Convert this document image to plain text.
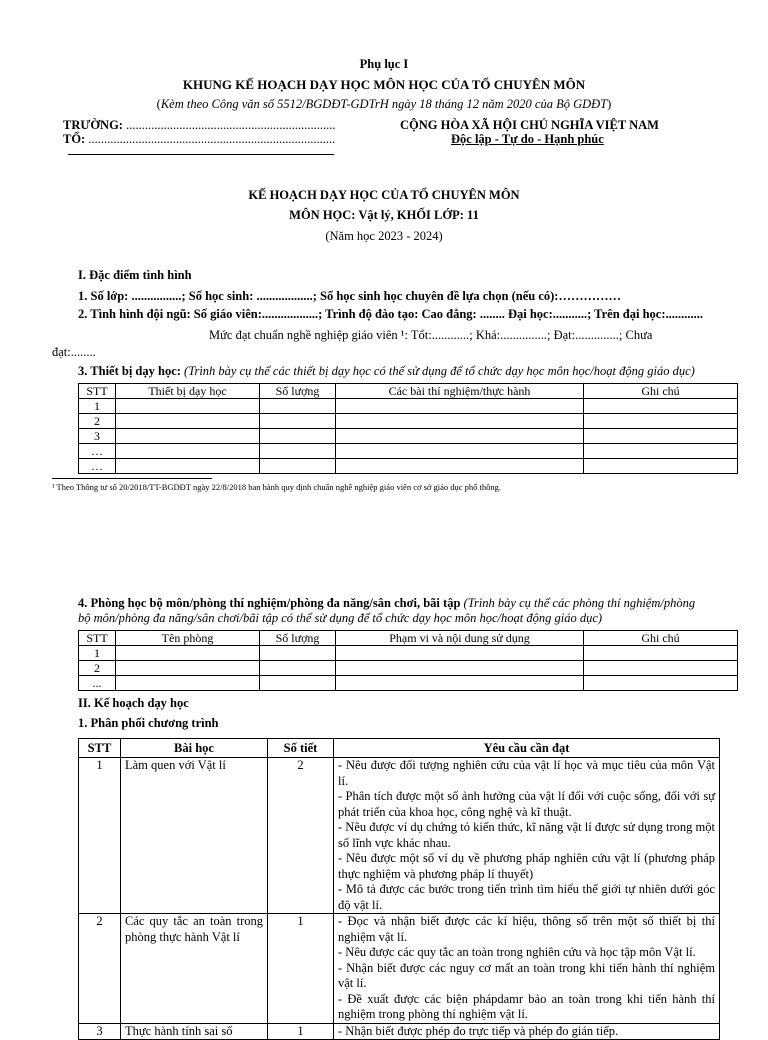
Phụ lục I
KHUNG KẾ HOẠCH DẠY HỌC MÔN HỌC CỦA TỔ CHUYÊN MÔN
(Kèm theo Công văn số 5512/BGDĐT-GDTrH ngày 18 tháng 12 năm 2020 của Bộ GDĐT)
TRƯỜNG: ...................................................................
TỔ: ...............................................................................
CỘNG HÒA XÃ HỘI CHỦ NGHĨA VIỆT NAM
Độc lập - Tự do - Hạnh phúc
KẾ HOẠCH DẠY HỌC CỦA TỔ CHUYÊN MÔN
MÔN HỌC: Vật lý, KHỐI LỚP: 11
(Năm học 2023 - 2024)
I. Đặc điểm tình hình
1. Số lớp: ................; Số học sinh: ..................; Số học sinh học chuyên đề lựa chọn (nếu có):……………
2. Tình hình đội ngũ: Số giáo viên:..................; Trình độ đào tạo: Cao đẳng: ........ Đại học:...........; Trên đại học:............
Mức đạt chuẩn nghề nghiệp giáo viên ¹: Tốt:............; Khá:...............; Đạt:..............; Chưa
đạt:........
3. Thiết bị dạy học: (Trình bày cụ thể các thiết bị dạy học có thể sử dụng để tổ chức dạy học môn học/hoạt động giáo dục)
STT	Thiết bị dạy học	Số lượng	Các bài thí nghiệm/thực hành	Ghi chú
1				
2				
3				
…				
…				
¹ Theo Thông tư số 20/2018/TT-BGDĐT ngày 22/8/2018 ban hành quy định chuẩn nghề nghiệp giáo viên cơ sở giáo dục phổ thông.
4. Phòng học bộ môn/phòng thí nghiệm/phòng đa năng/sân chơi, bãi tập (Trình bày cụ thể các phòng thí nghiệm/phòng
bộ môn/phòng đa năng/sân chơi/bãi tập có thể sử dụng để tổ chức dạy học môn học/hoạt động giáo dục)
STT	Tên phòng	Số lượng	Phạm vi và nội dung sử dụng	Ghi chú
1				
2				
...				
II. Kế hoạch dạy học
1. Phân phối chương trình
STT	Bài học	Số tiết	Yêu cầu cần đạt
1	Làm quen với Vật lí	2	- Nêu được đối tượng nghiên cứu của vật lí học và mục tiêu của môn Vật lí.
- Phân tích được một số ảnh hưởng của vật lí đối với cuộc sống, đối với sự phát triển của khoa học, công nghệ và kĩ thuật.
- Nêu được ví dụ chứng tỏ kiến thức, kĩ năng vật lí được sử dụng trong một số lĩnh vực khác nhau.
- Nêu được một số ví dụ về phương pháp nghiên cứu vật lí (phương pháp thực nghiệm và phương pháp lí thuyết)
- Mô tả được các bước trong tiến trình tìm hiểu thế giới tự nhiên dưới góc độ vật lí.

2	Các quy tắc an toàn trong phòng thực hành Vật lí	1	- Đọc và nhận biết được các kí hiệu, thông số trên một số thiết bị thí nghiệm vật lí.
- Nêu được các quy tắc an toàn trong nghiên cứu và học tập môn Vật lí.
- Nhận biết được các nguy cơ mất an toàn trong khi tiến hành thí nghiệm vật lí.
- Đề xuất được các biện phápdamr bảo an toàn trong khi tiến hành thí nghiệm trong phòng thí nghiệm vật lí.

3	Thực hành tính sai số	1	- Nhận biết được phép đo trực tiếp và phép đo gián tiếp.
